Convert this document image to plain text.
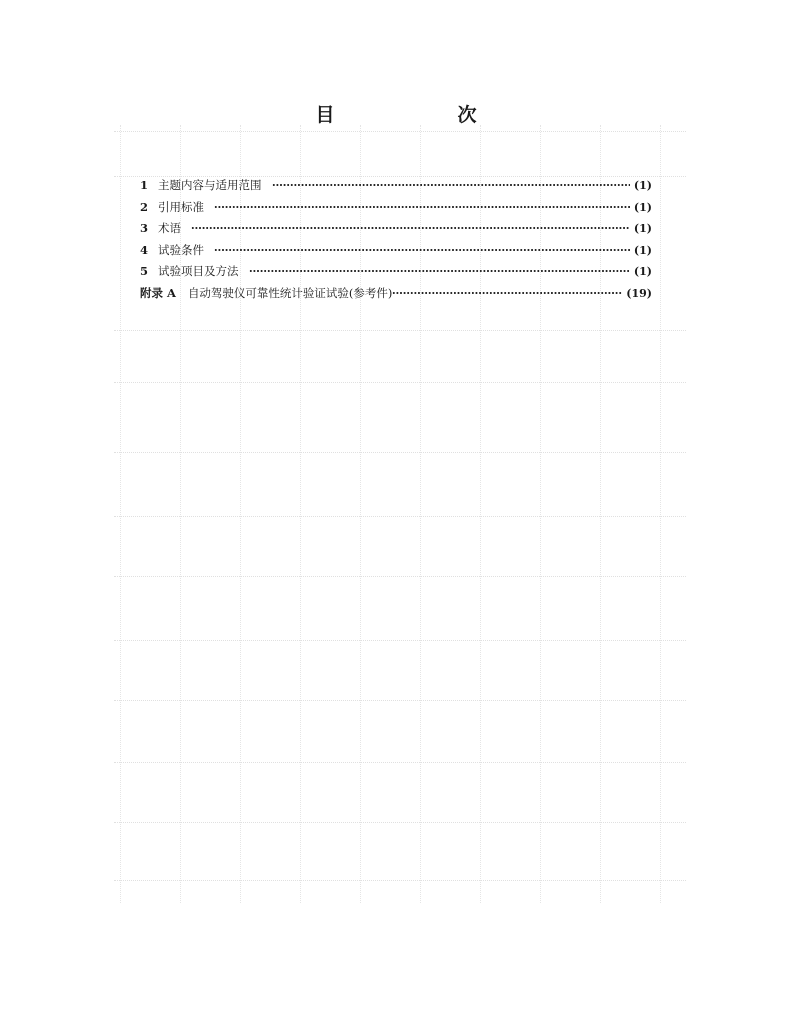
目　次
1 主题内容与适用范围	(1)
2 引用标准	(1)
3 术语	(1)
4 试验条件	(1)
5 试验项目及方法	(1)
附录 A 自动驾驶仪可靠性统计验证试验(参考件)	(19)
